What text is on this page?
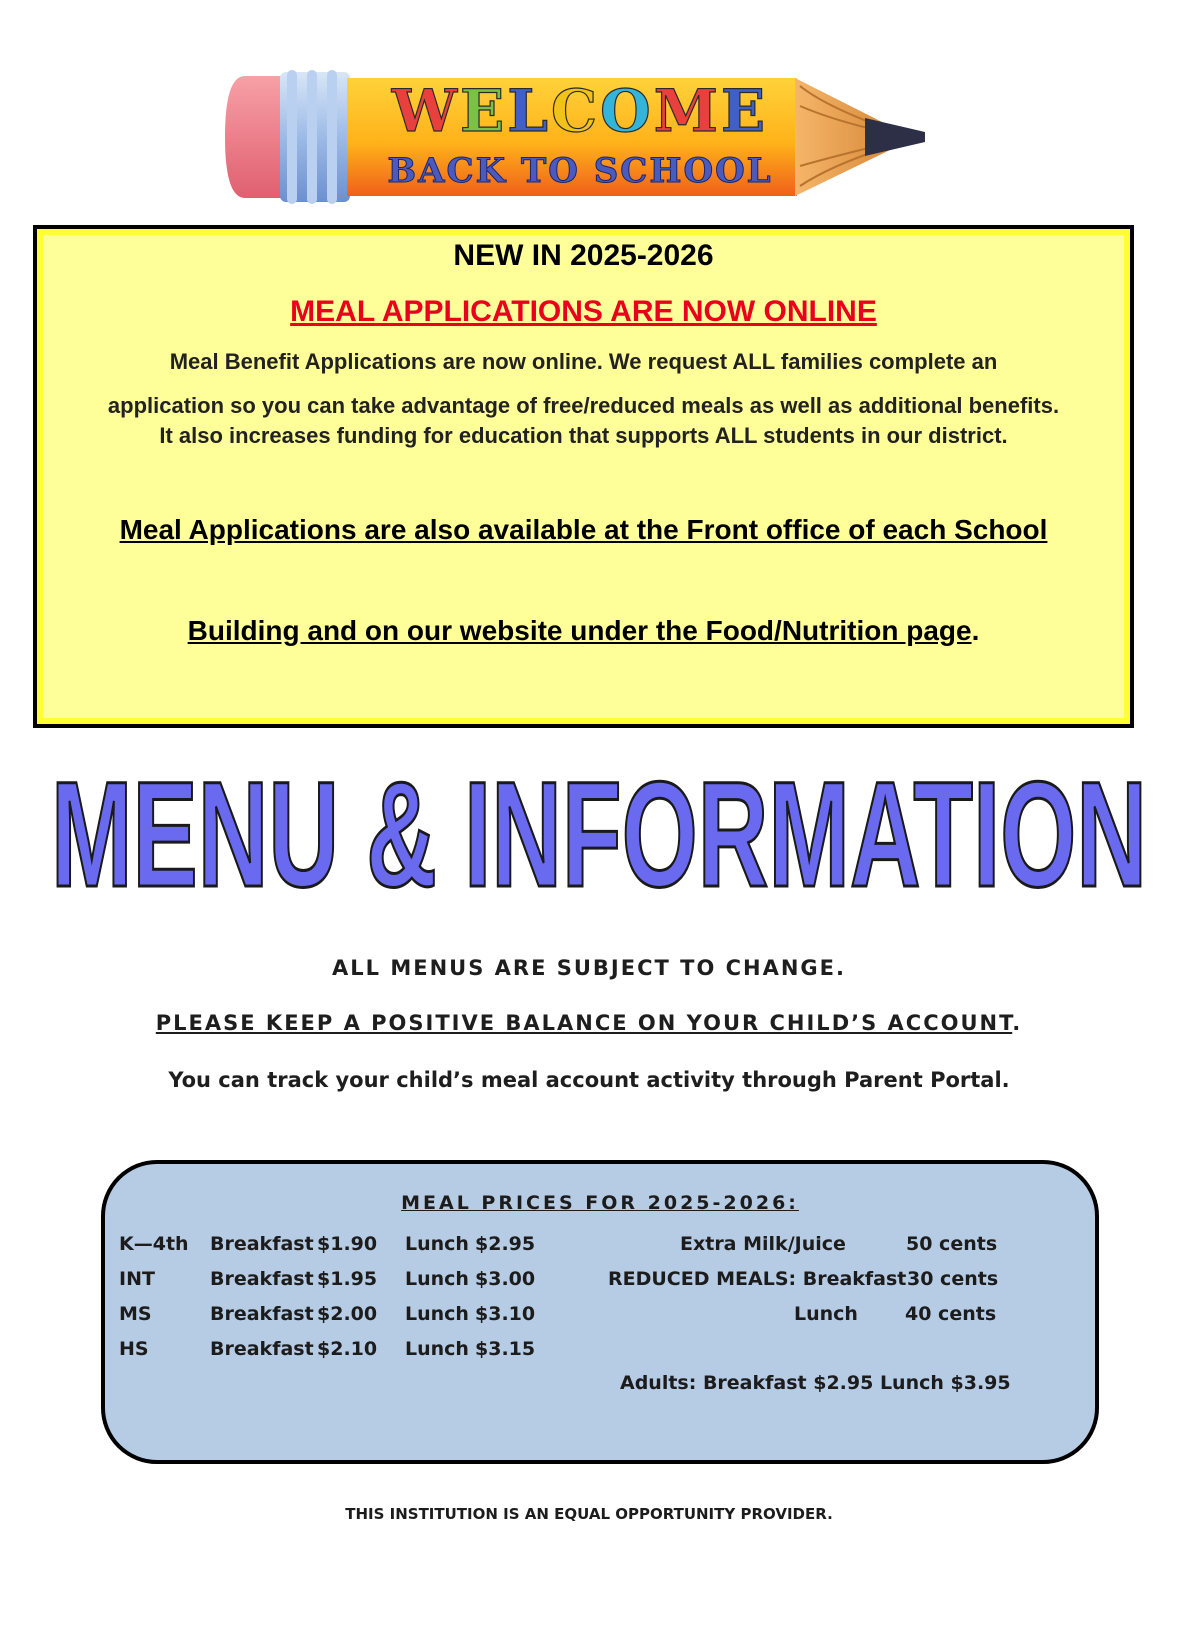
WELCOME
BACK TO SCHOOL
NEW IN 2025-2026
MEAL APPLICATIONS ARE NOW ONLINE
Meal Benefit Applications are now online. We request ALL families complete an
application so you can take advantage of free/reduced meals as well as additional benefits.
It also increases funding for education that supports ALL students in our district.
Meal Applications are also available at the Front office of each School
Building and on our website under the Food/Nutrition page.
MENU & INFORMATION
ALL MENUS ARE SUBJECT TO CHANGE.
PLEASE KEEP A POSITIVE BALANCE ON YOUR CHILD’S ACCOUNT.
You can track your child’s meal account activity through Parent Portal.
MEAL PRICES FOR 2025-2026:
K—4th Breakfast $1.90 Lunch $2.95
INT	Breakfast $1.95 Lunch $3.00
MS	Breakfast $2.00 Lunch $3.10
HS	Breakfast $2.10 Lunch $3.15
Extra Milk/Juice	50 cents
REDUCED MEALS: Breakfast 30 cents
Lunch 40 cents
Adults: Breakfast $2.95 Lunch $3.95
THIS INSTITUTION IS AN EQUAL OPPORTUNITY PROVIDER.
